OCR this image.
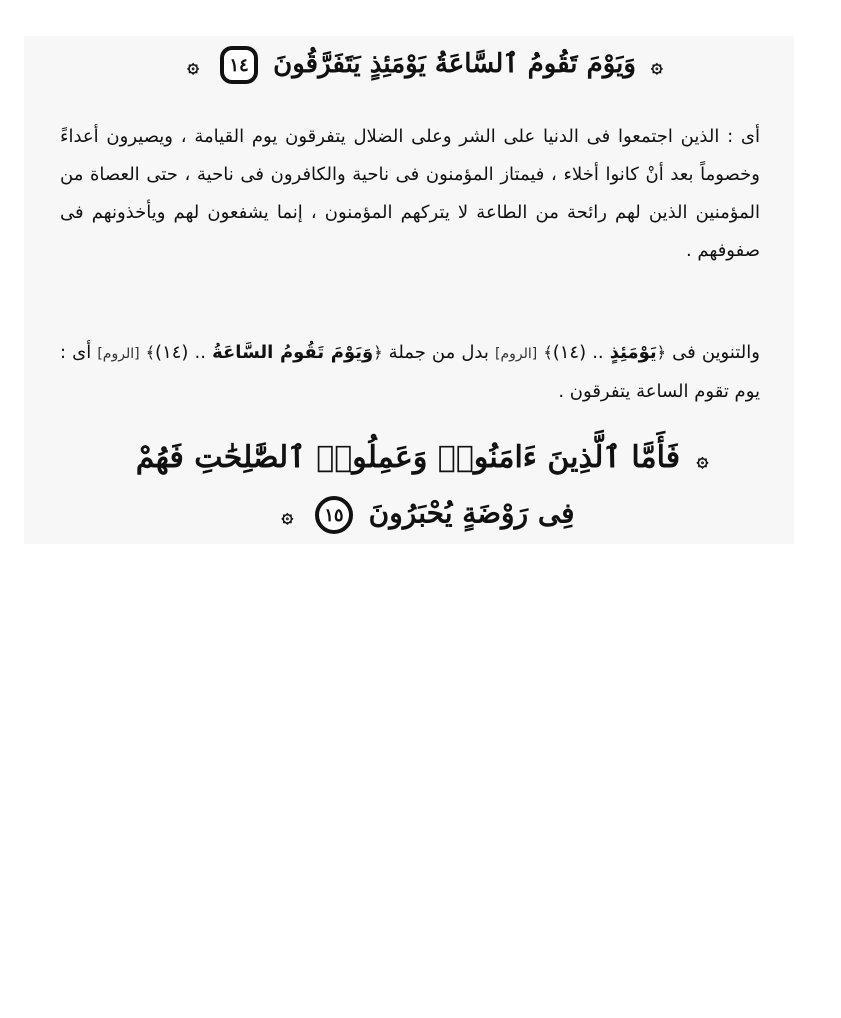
۞ وَيَوْمَ تَقُومُ ٱلسَّاعَةُ يَوْمَئِذٍ يَتَفَرَّقُونَ ١٤ ۞
أى : الذين اجتمعوا فى الدنيا على الشر وعلى الضلال يتفرقون يوم القيامة ، ويصيرون أعداءً وخصوماً بعد أنْ كانوا أخلاء ، فيمتاز المؤمنون فى ناحية والكافرون فى ناحية ، حتى العصاة من المؤمنين الذين لهم رائحة من الطاعة لا يتركهم المؤمنون ، إنما يشفعون لهم ويأخذونهم فى صفوفهم .
والتنوين فى ﴿يَوْمَئِذٍ .. (١٤)﴾ [الروم] بدل من جملة ﴿وَيَوْمَ تَقُومُ السَّاعَةُ .. (١٤)﴾ [الروم] أى : يوم تقوم الساعة يتفرقون .
۞ فَأَمَّا ٱلَّذِينَ ءَامَنُوا۟ وَعَمِلُوا۟ ٱلصَّٰلِحَٰتِ فَهُمْ
فِى رَوْضَةٍ يُحْبَرُونَ ١٥ ۞
